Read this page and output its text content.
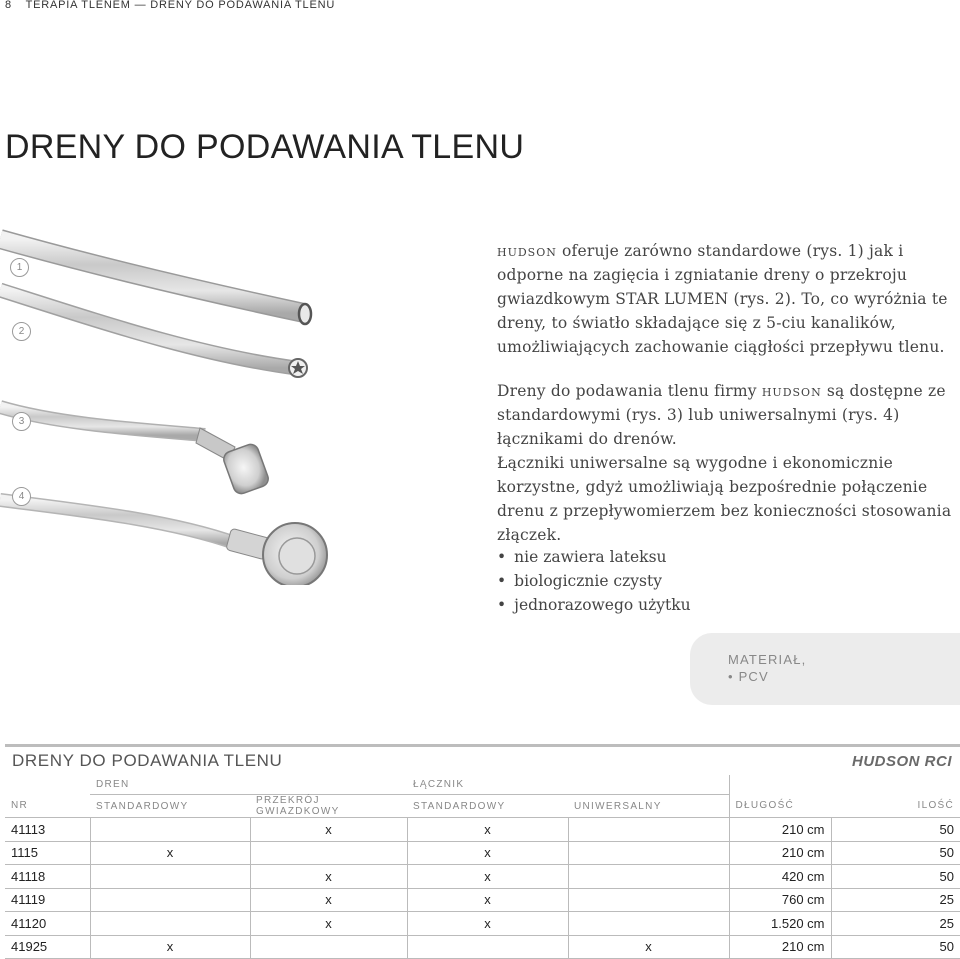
8 TERAPIA TLENEM — DRENY DO PODAWANIA TLENU
DRENY DO PODAWANIA TLENU
1
2
3
4

hudson oferuje zarówno standardowe (rys. 1) jak i odporne na zagięcia i zgniatanie dreny o przekroju gwiazdkowym STAR LUMEN (rys. 2). To, co wyróżnia te dreny, to światło składające się z 5-ciu kanalików, umożliwiających zachowanie ciągłości przepływu tlenu.

Dreny do podawania tlenu firmy hudson są dostępne ze standardowymi (rys. 3) lub uniwersalnymi (rys. 4) łącznikami do drenów.

Łączniki uniwersalne są wygodne i ekonomicznie korzystne, gdyż umożliwiają bezpośrednie połączenie drenu z przepływomierzem bez konieczności stosowania złączek.

• nie zawiera lateksu
• biologicznie czysty
• jednorazowego użytku
MATERIAŁ,
• PCV
DRENY DO PODAWANIA TLENU	HUDSON RCI
	DREN		ŁĄCZNIK			
NR	STANDARDOWY	PRZEKRÓJ GWIAZDKOWY	STANDARDOWY	UNIWERSALNY	DŁUGOŚĆ	ILOŚĆ
41113		x	x		210 cm	50
1115	x		x		210 cm	50
41118		x	x		420 cm	50
41119		x	x		760 cm	25
41120		x	x		1.520 cm	25
41925	x			x	210 cm	50
